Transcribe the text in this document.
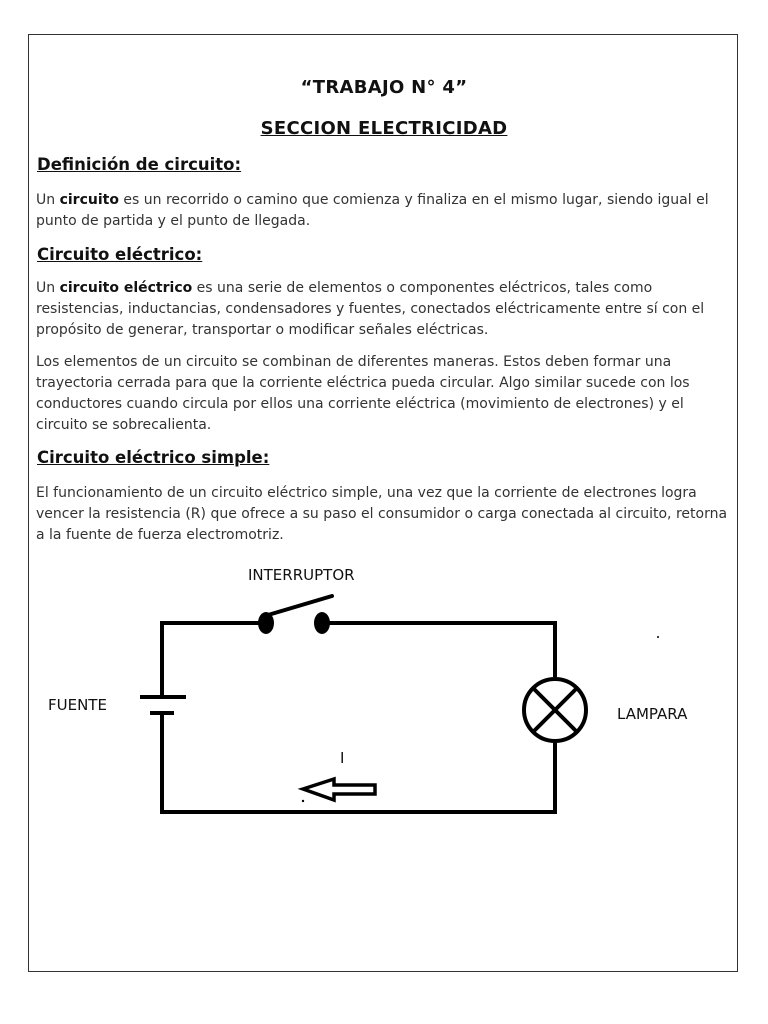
“TRABAJO N° 4”
SECCION ELECTRICIDAD
Definición de circuito:
Un circuito es un recorrido o camino que comienza y finaliza en el mismo lugar, siendo igual el punto de partida y el punto de llegada.
Circuito eléctrico:
Un circuito eléctrico es una serie de elementos o componentes eléctricos, tales como resistencias, inductancias, condensadores y fuentes, conectados eléctricamente entre sí con el propósito de generar, transportar o modificar señales eléctricas.
Los elementos de un circuito se combinan de diferentes maneras. Estos deben formar una trayectoria cerrada para que la corriente eléctrica pueda circular. Algo similar sucede con los conductores cuando circula por ellos una corriente eléctrica (movimiento de electrones) y el circuito se sobrecalienta.
Circuito eléctrico simple:
El funcionamiento de un circuito eléctrico simple, una vez que la corriente de electrones logra vencer la resistencia (R) que ofrece a su paso el consumidor o carga conectada al circuito, retorna a la fuente de fuerza electromotriz.
INTERRUPTOR
FUENTE	LAMPARA
I
